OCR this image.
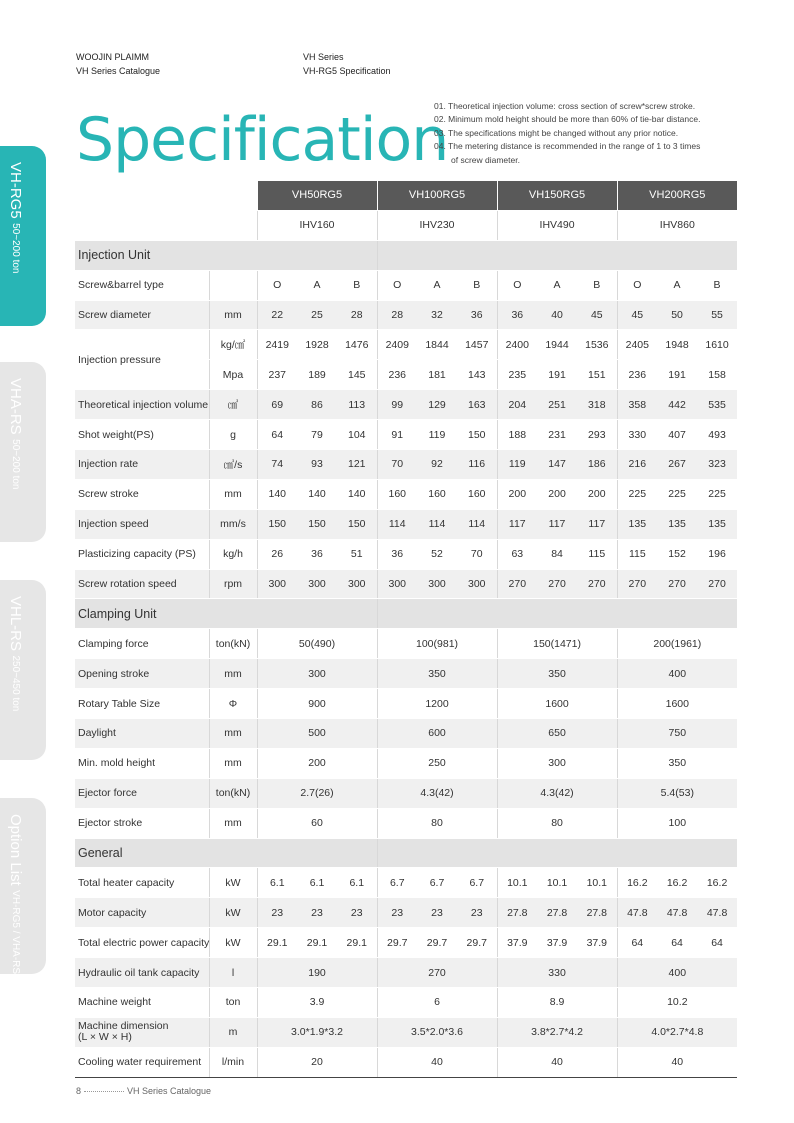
WOOJIN PLAIMM
VH Series Catalogue
VH Series
VH-RG5 Specification
Specification
01. Theoretical injection volume: cross section of screw*screw stroke.
02. Minimum mold height should be more than 60% of tie-bar distance.
03. The specifications might be changed without any prior notice.
04. The metering distance is recommended in the range of 1 to 3 times
of screw diameter.
VH-RG5 50~200 ton
VHA-RS 50~200 ton
VHL-RS 250~450 ton
Option List VH-RG5 / VHA-RS / VHL-RS
		VH50RG5			VH100RG5			VH150RG5			VH200RG5		
		IHV160			IHV230			IHV490			IHV860		
Injection Unit													
Screw&barrel type		O	A	B	O	A	B	O	A	B	O	A	B
Screw diameter	mm	22	25	28	28	32	36	36	40	45	45	50	55
Injection pressure	kg/㎠	2419	1928	1476	2409	1844	1457	2400	1944	1536	2405	1948	1610
	Mpa	237	189	145	236	181	143	235	191	151	236	191	158
Theoretical injection volume	㎤	69	86	113	99	129	163	204	251	318	358	442	535
Shot weight(PS)	g	64	79	104	91	119	150	188	231	293	330	407	493
Injection rate	㎤/s	74	93	121	70	92	116	119	147	186	216	267	323
Screw stroke	mm	140	140	140	160	160	160	200	200	200	225	225	225
Injection speed	mm/s	150	150	150	114	114	114	117	117	117	135	135	135
Plasticizing capacity (PS)	kg/h	26	36	51	36	52	70	63	84	115	115	152	196
Screw rotation speed	rpm	300	300	300	300	300	300	270	270	270	270	270	270
Clamping Unit													
Clamping force	ton(kN)	50(490)			100(981)			150(1471)			200(1961)		
Opening stroke	mm	300			350			350			400		
Rotary Table Size	Φ	900			1200			1600			1600		
Daylight	mm	500			600			650			750		
Min. mold height	mm	200			250			300			350		
Ejector force	ton(kN)	2.7(26)			4.3(42)			4.3(42)			5.4(53)		
Ejector stroke	mm	60			80			80			100		
General													
Total heater capacity	kW	6.1	6.1	6.1	6.7	6.7	6.7	10.1	10.1	10.1	16.2	16.2	16.2
Motor capacity	kW	23	23	23	23	23	23	27.8	27.8	27.8	47.8	47.8	47.8
Total electric power capacity	kW	29.1	29.1	29.1	29.7	29.7	29.7	37.9	37.9	37.9	64	64	64
Hydraulic oil tank capacity	l	190			270			330			400		
Machine weight	ton	3.9			6			8.9			10.2		
Machine dimension
(L × W × H)	m	3.0*1.9*3.2			3.5*2.0*3.6			3.8*2.7*4.2			4.0*2.7*4.8		
Cooling water requirement	l/min	20			40			40			40		
8	VH Series Catalogue
